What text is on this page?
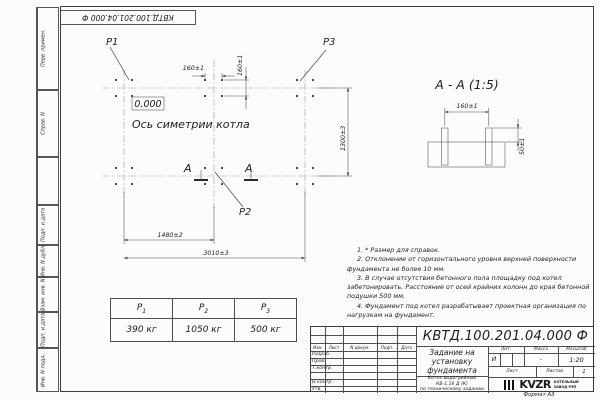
P1	P3
P2
0.000
Ось симетрии котла
А	А
160±1	160±1
1480±2
3010±3
1300±3
А - А (1:5)
160±1
50±1
1. * Размер для справок.
2. Отклонение от горизонтального уровня верхней поверхности фундамента не более 10 мм.
3. В случае отсутствия бетонного пола площадку под котел забетонировать. Расстояние от осей крайних колонн до края бетонной подушки 500 мм.
4. Фундамент под котел разрабатывает проектная организация по нагрузкам на фундамент.
$P_1$	$P_2$	$P_3$
390 кг	1050 кг	500 кг
Перв. примен.
Справ. N
Подп. и дата
Инв. N дубл.
Взам. инв. N
Подп. и дата
Инв. N подл.
КВТД.100.201.04.000 Ф
Изм.	Лист	N докум.	Подп.	Дата
Разраб.
Пров.
Т.контр.
Н.контр.
Утв.
КВТД.100.201.04.000 Ф
Задание на установку фундамента
Котел водогрейный
КВ-1,16 Д (К)
по техническому заданию
Лит.	Масса	Масштаб
И	-	1:20
Лист	Листов	1
KVZR КОТЕЛЬНЫЙ
ЗАВОД РЭП
Формат А3
